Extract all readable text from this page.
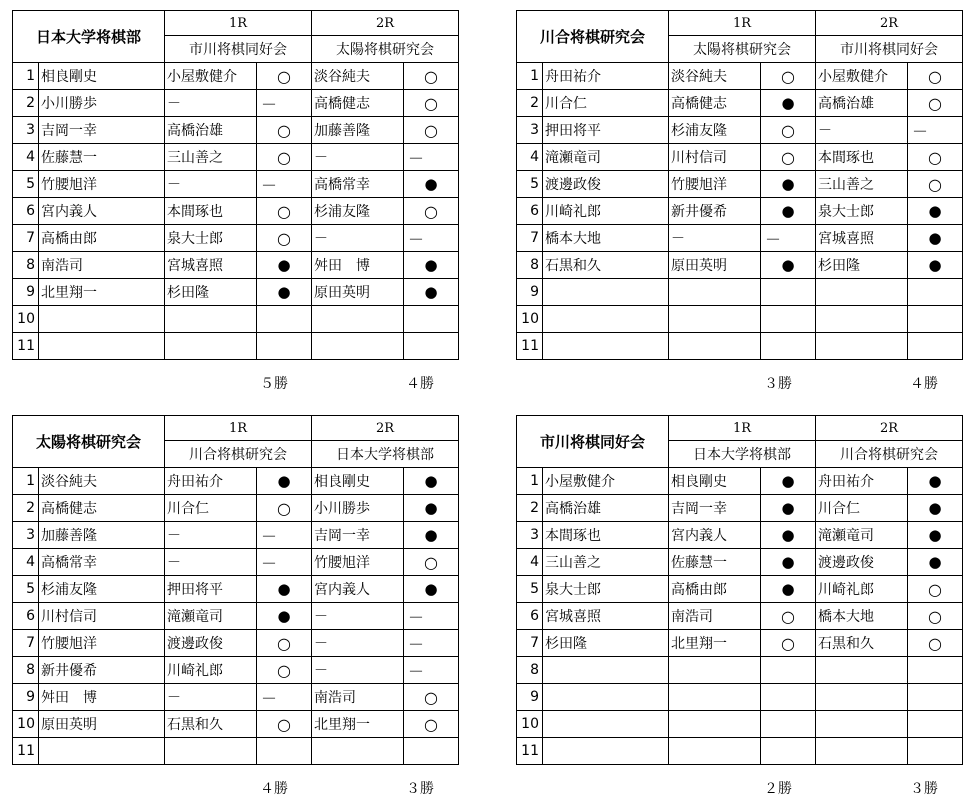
日本大学将棋部		1R		2R	
		市川将棋同好会		太陽将棋研究会	
1	相良剛史	小屋敷健介	○	淡谷純夫	○
2	小川勝歩	－	－	高橋健志	○
3	吉岡一幸	高橋治雄	○	加藤善隆	○
4	佐藤慧一	三山善之	○	－	－
5	竹腰旭洋	－	－	高橋常幸	●
6	宮内義人	本間琢也	○	杉浦友隆	○
7	高橋由郎	泉大士郎	○	－	－
8	南浩司	宮城喜照	●	舛田　博	●
9	北里翔一	杉田隆	●	原田英明	●
10					
11					
５勝	４勝
川合将棋研究会		1R		2R	
		太陽将棋研究会		市川将棋同好会	
1	舟田祐介	淡谷純夫	○	小屋敷健介	○
2	川合仁	高橋健志	●	高橋治雄	○
3	押田将平	杉浦友隆	○	－	－
4	滝瀬竜司	川村信司	○	本間琢也	○
5	渡邊政俊	竹腰旭洋	●	三山善之	○
6	川崎礼郎	新井優希	●	泉大士郎	●
7	橋本大地	－	－	宮城喜照	●
8	石黒和久	原田英明	●	杉田隆	●
9					
10					
11					
３勝	４勝
太陽将棋研究会		1R		2R	
		川合将棋研究会		日本大学将棋部	
1	淡谷純夫	舟田祐介	●	相良剛史	●
2	高橋健志	川合仁	○	小川勝歩	●
3	加藤善隆	－	－	吉岡一幸	●
4	高橋常幸	－	－	竹腰旭洋	○
5	杉浦友隆	押田将平	●	宮内義人	●
6	川村信司	滝瀬竜司	●	－	－
7	竹腰旭洋	渡邊政俊	○	－	－
8	新井優希	川崎礼郎	○	－	－
9	舛田　博	－	－	南浩司	○
10	原田英明	石黒和久	○	北里翔一	○
11					
４勝	３勝
市川将棋同好会		1R		2R	
		日本大学将棋部		川合将棋研究会	
1	小屋敷健介	相良剛史	●	舟田祐介	●
2	高橋治雄	吉岡一幸	●	川合仁	●
3	本間琢也	宮内義人	●	滝瀬竜司	●
4	三山善之	佐藤慧一	●	渡邊政俊	●
5	泉大士郎	高橋由郎	●	川崎礼郎	○
6	宮城喜照	南浩司	○	橋本大地	○
7	杉田隆	北里翔一	○	石黒和久	○
8					
9					
10					
11					
２勝	３勝
